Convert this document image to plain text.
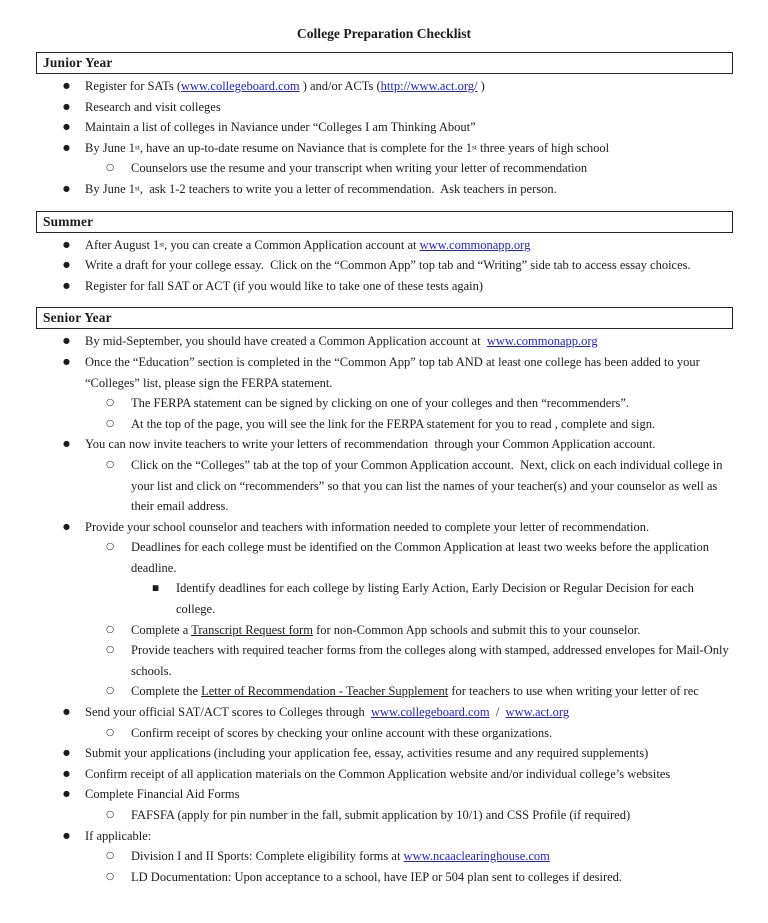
College Preparation Checklist
Junior Year
● Register for SATs (www.collegeboard.com ) and/or ACTs (http://www.act.org/ )
● Research and visit colleges
● Maintain a list of colleges in Naviance under “Colleges I am Thinking About”
● By June 1st, have an up-to-date resume on Naviance that is complete for the 1st three years of high school
○ Counselors use the resume and your transcript when writing your letter of recommendation
● By June 1st,  ask 1-2 teachers to write you a letter of recommendation.  Ask teachers in person.
Summer
● After August 1st, you can create a Common Application account at www.commonapp.org
● Write a draft for your college essay.  Click on the “Common App” top tab and “Writing” side tab to access essay choices.
● Register for fall SAT or ACT (if you would like to take one of these tests again)
Senior Year
● By mid-September, you should have created a Common Application account at  www.commonapp.org
● Once the “Education” section is completed in the “Common App” top tab AND at least one college has been added to your “Colleges” list, please sign the FERPA statement.
○ The FERPA statement can be signed by clicking on one of your colleges and then “recommenders”.
○ At the top of the page, you will see the link for the FERPA statement for you to read , complete and sign.
● You can now invite teachers to write your letters of recommendation  through your Common Application account.
○ Click on the “Colleges” tab at the top of your Common Application account.  Next, click on each individual college in your list and click on “recommenders” so that you can list the names of your teacher(s) and your counselor as well as their email address.
● Provide your school counselor and teachers with information needed to complete your letter of recommendation.
○ Deadlines for each college must be identified on the Common Application at least two weeks before the application deadline.
■ Identify deadlines for each college by listing Early Action, Early Decision or Regular Decision for each college.
○ Complete a Transcript Request form for non-Common App schools and submit this to your counselor.
○ Provide teachers with required teacher forms from the colleges along with stamped, addressed envelopes for Mail-Only schools.
○ Complete the Letter of Recommendation - Teacher Supplement for teachers to use when writing your letter of rec
● Send your official SAT/ACT scores to Colleges through  www.collegeboard.com  /  www.act.org
○ Confirm receipt of scores by checking your online account with these organizations.
● Submit your applications (including your application fee, essay, activities resume and any required supplements)
● Confirm receipt of all application materials on the Common Application website and/or individual college’s websites
● Complete Financial Aid Forms
○ FAFSFA (apply for pin number in the fall, submit application by 10/1) and CSS Profile (if required)
● If applicable:
○ Division I and II Sports: Complete eligibility forms at www.ncaaclearinghouse.com
○ LD Documentation: Upon acceptance to a school, have IEP or 504 plan sent to colleges if desired.
